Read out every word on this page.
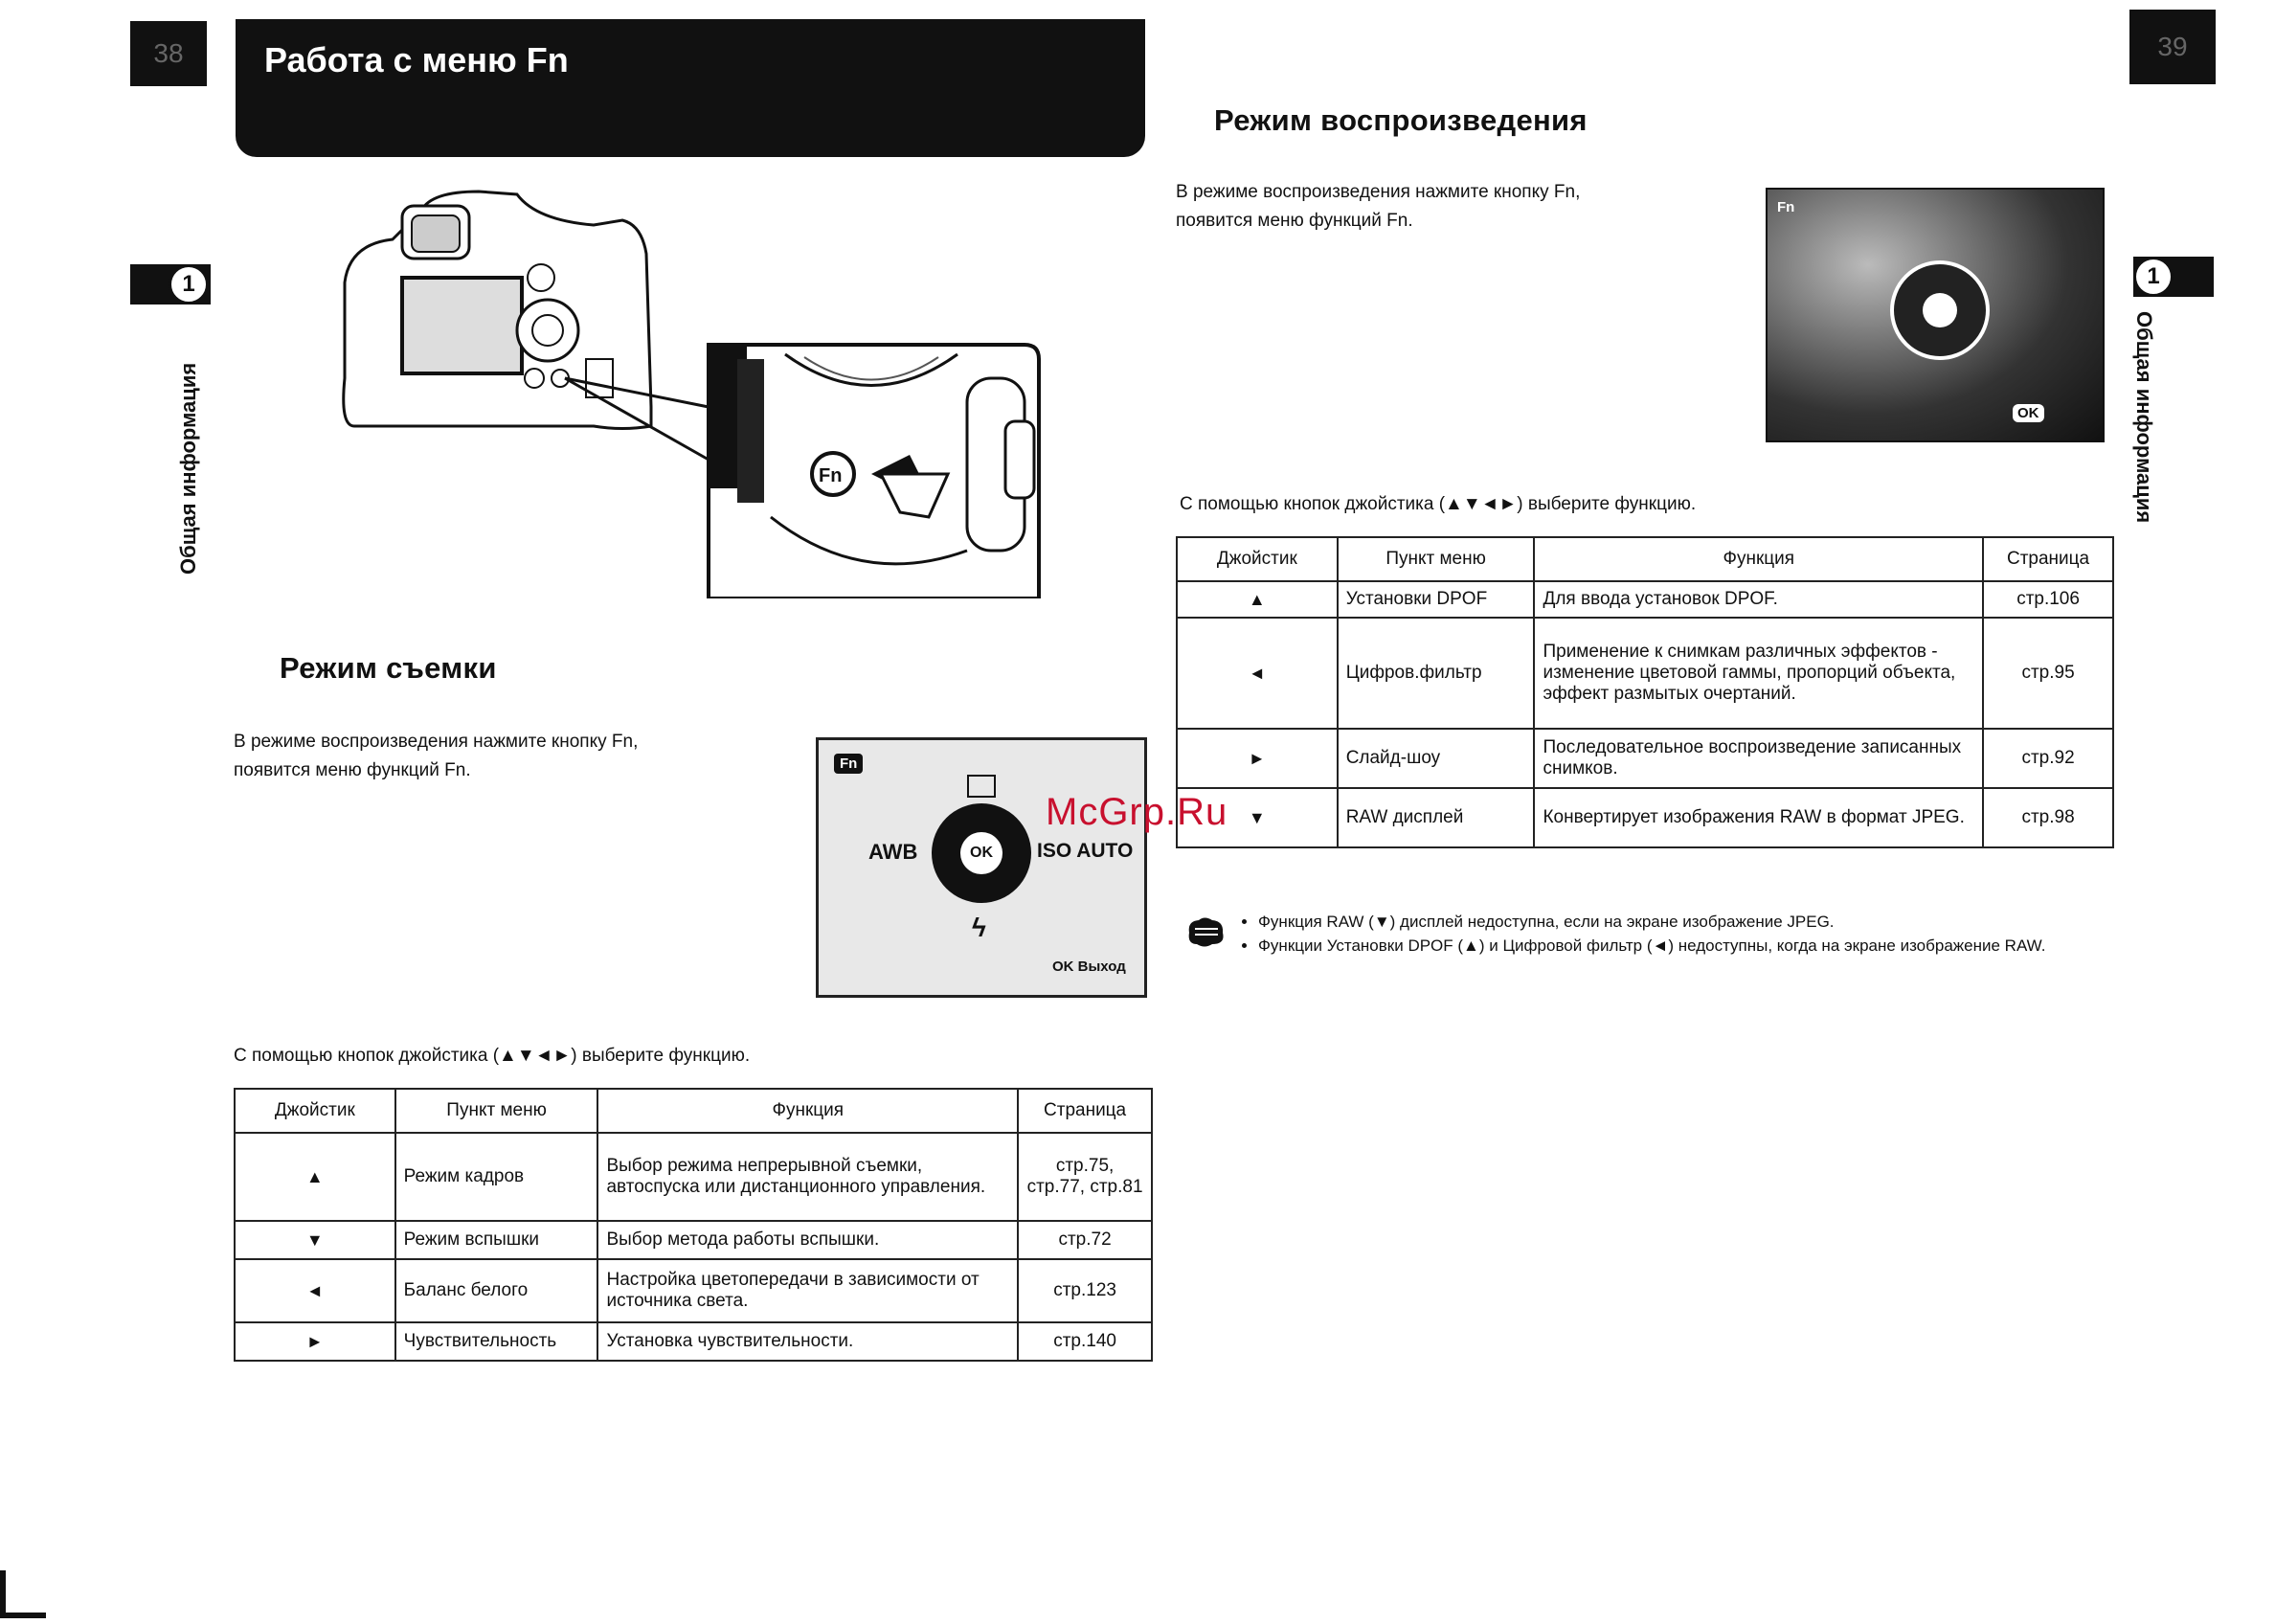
38	Работа с меню Fn	39
1
Общая информация
1
Общая информация
Fn
Режим съемки
В режиме воспроизведения нажмите кнопку Fn,
появится меню функций Fn.	Fn
OK
AWB	ISO AUTO
ϟ
OK Выход
С помощью кнопок джойстика (▲▼◄►) выберите функцию.
Джойстик	Пункт меню	Функция	Страница
▲	Режим кадров	Выбор режима непрерывной съемки, автоспуска или дистанционного управления.	стр.75, стр.77, стр.81
▼	Режим вспышки	Выбор метода работы вспышки.	стр.72
◄	Баланс белого	Настройка цветопередачи в зависимости от источника света.	стр.123
►	Чувствительность	Установка чувствительности.	стр.140
Режим воспроизведения
В режиме воспроизведения нажмите кнопку Fn,
появится меню функций Fn.
Fn
OK
С помощью кнопок джойстика (▲▼◄►) выберите функцию.
Джойстик	Пункт меню	Функция	Страница
▲	Установки DPOF	Для ввода установок DPOF.	стр.106
◄	Цифров.фильтр	Применение к снимкам различных эффектов - изменение цветовой гаммы, пропорций объекта, эффект размытых очертаний.	стр.95
►	Слайд-шоу	Последовательное воспроизведение записанных снимков.	стр.92
▼	RAW дисплей	Конвертирует изображения RAW в формат JPEG.	стр.98
McGrp.Ru
• Функция RAW (▼) дисплей недоступна, если на экране изображение JPEG.
• Функции Установки DPOF (▲) и Цифровой фильтр (◄) недоступны, когда на экране изображение RAW.
